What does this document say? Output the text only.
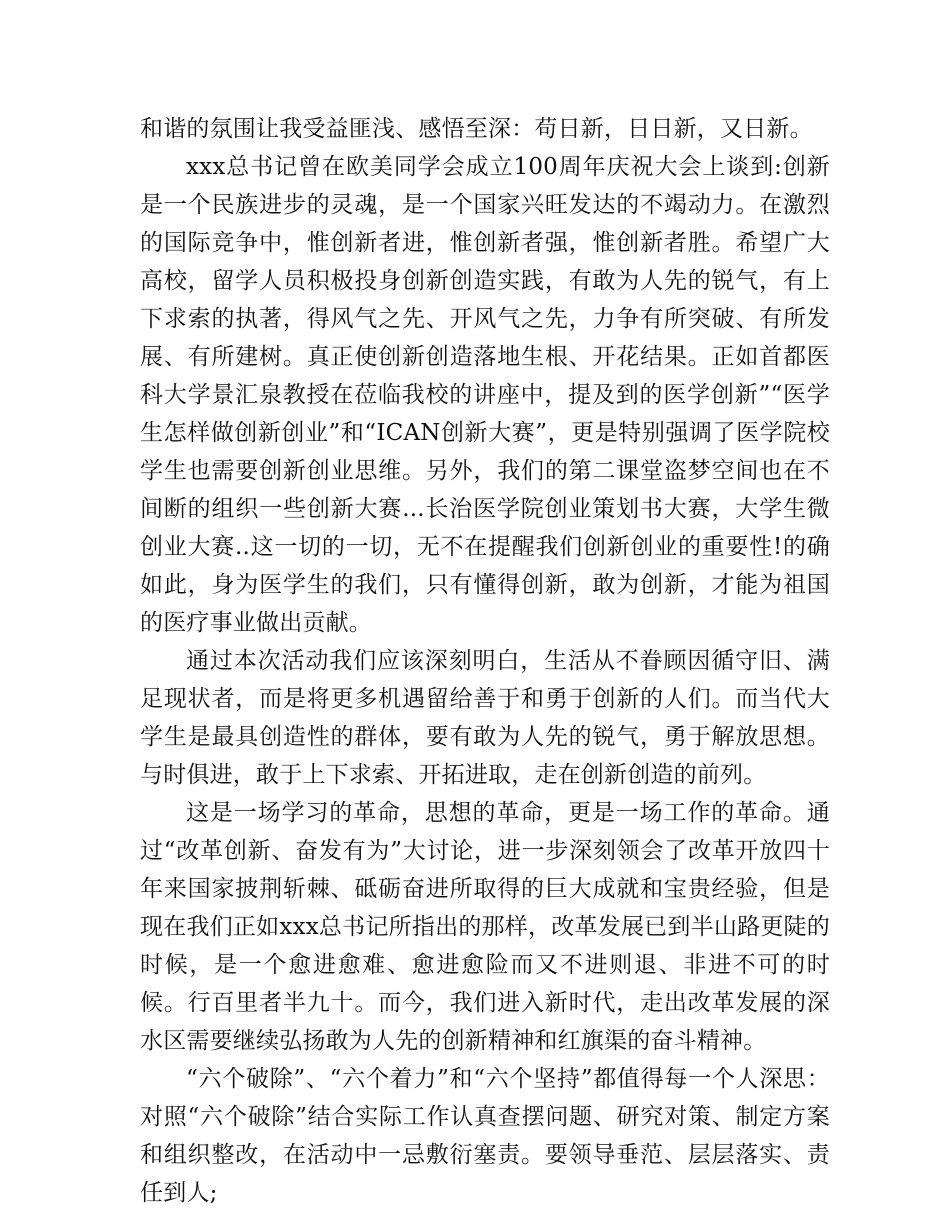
和谐的氛围让我受益匪浅、感悟至深：苟日新，日日新，又日新。

xxx总书记曾在欧美同学会成立100周年庆祝大会上谈到:创新是一个民族进步的灵魂，是一个国家兴旺发达的不竭动力。在激烈的国际竞争中，惟创新者进，惟创新者强，惟创新者胜。希望广大高校，留学人员积极投身创新创造实践，有敢为人先的锐气，有上下求索的执著，得风气之先、开风气之先，力争有所突破、有所发展、有所建树。真正使创新创造落地生根、开花结果。正如首都医科大学景汇泉教授在莅临我校的讲座中，提及到的医学创新”“医学生怎样做创新创业”和“ICAN创新大赛”，更是特别强调了医学院校学生也需要创新创业思维。另外，我们的第二课堂盗梦空间也在不间断的组织一些创新大赛...长治医学院创业策划书大赛，大学生微创业大赛..这一切的一切，无不在提醒我们创新创业的重要性!的确如此，身为医学生的我们，只有懂得创新，敢为创新，才能为祖国的医疗事业做出贡献。

通过本次活动我们应该深刻明白，生活从不眷顾因循守旧、满足现状者，而是将更多机遇留给善于和勇于创新的人们。而当代大学生是最具创造性的群体，要有敢为人先的锐气，勇于解放思想。与时俱进，敢于上下求索、开拓进取，走在创新创造的前列。

这是一场学习的革命，思想的革命，更是一场工作的革命。通过“改革创新、奋发有为”大讨论，进一步深刻领会了改革开放四十年来国家披荆斩棘、砥砺奋进所取得的巨大成就和宝贵经验，但是现在我们正如xxx总书记所指出的那样，改革发展已到半山路更陡的时候，是一个愈进愈难、愈进愈险而又不进则退、非进不可的时候。行百里者半九十。而今，我们进入新时代，走出改革发展的深水区需要继续弘扬敢为人先的创新精神和红旗渠的奋斗精神。

“六个破除”、“六个着力”和“六个坚持”都值得每一个人深思：对照“六个破除”结合实际工作认真查摆问题、研究对策、制定方案和组织整改，在活动中一忌敷衍塞责。要领导垂范、层层落实、责任到人;
